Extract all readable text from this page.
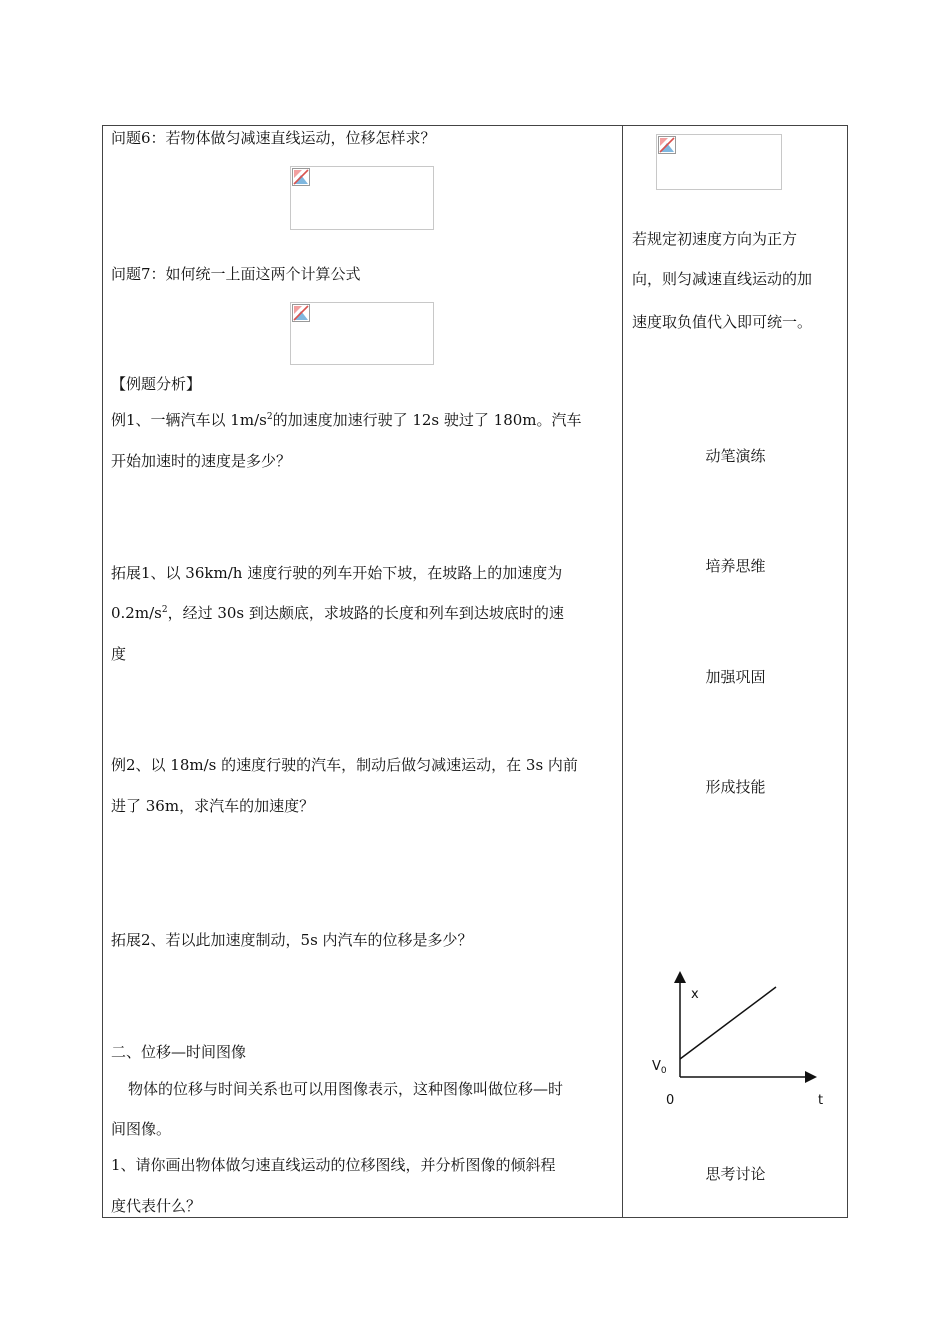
问题6：若物体做匀减速直线运动，位移怎样求？
问题7：如何统一上面这两个计算公式
【例题分析】
例1、一辆汽车以 $1m/s^2$的加速度加速行驶了 12s 驶过了 180m。汽车
开始加速时的速度是多少？
拓展1、以 36km/h 速度行驶的列车开始下坡，在坡路上的加速度为
$0.2m/s^2$，经过 30s 到达颇底，求坡路的长度和列车到达坡底时的速
度
例2、以 18m/s 的速度行驶的汽车，制动后做匀减速运动，在 3s 内前
进了 36m，求汽车的加速度？
拓展2、若以此加速度制动，5s 内汽车的位移是多少？
二、位移—时间图像
物体的位移与时间关系也可以用图像表示，这种图像叫做位移—时
间图像。
1、请你画出物体做匀速直线运动的位移图线，并分析图像的倾斜程
度代表什么？
若规定初速度方向为正方
向，则匀减速直线运动的加
速度取负值代入即可统一。
动笔演练
培养思维
加强巩固
形成技能
x
t
0
$V_0$
思考讨论
